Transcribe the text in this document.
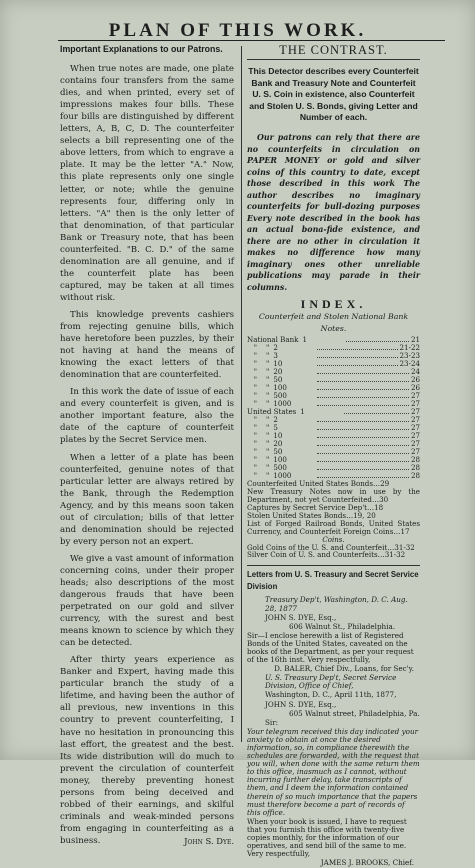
PLAN OF THIS WORK.
Important Explanations to our Patrons.

When true notes are made, one plate contains four transfers from the same dies, and when printed, every set of impressions makes four bills. These four bills are distinguished by different letters, A, B, C, D. The counterfeiter selects a bill representing one of the above letters, from which to engrave a plate. It may be the letter "A." Now, this plate represents only one single letter, or note; while the genuine represents four, differing only in letters. "A" then is the only letter of that denomination, of that particular Bank or Treasury note, that has been counterfeited. "B. C. D." of the same denomination are all genuine, and if the counterfeit plate has been captured, may be taken at all times without risk.

This knowledge prevents cashiers from rejecting genuine bills, which have heretofore been puzzles, by their not having at hand the means of knowing the exact letters of that denomination that are counterfeited.

In this work the date of issue of each and every counterfeit is given, and is another important feature, also the date of the capture of counterfeit plates by the Secret Service men.

When a letter of a plate has been counterfeited, genuine notes of that particular letter are always retired by the Bank, through the Redemption Agency, and by this means soon taken out of circulation; bills of that letter and denomination should be rejected by every person not an expert.

We give a vast amount of information concerning coins, under their proper heads; also descriptions of the most dangerous frauds that have been perpetrated on our gold and silver currency, with the surest and best means known to science by which they can be detected.

After thirty years experience as Banker and Expert, having made this particular branch the study of a lifetime, and having been the author of all previous, new inventions in this country to prevent counterfeiting, I have no hesitation in pronouncing this last effort, the greatest and the best. Its wide distribution will do much to prevent the circulation of counterfeit money, thereby preventing honest persons from being deceived and robbed of their earnings, and skilful criminals and weak-minded persons from engaging in counterfeiting as a business.	John S. Dye.

THE CONTRAST.
This Detector describes every Counterfeit Bank and Treasury Note and Counterfeit U. S. Coin in existence, also Counterfeit and Stolen U. S. Bonds, giving Letter and Number of each.

Our patrons can rely that there are no counterfeits in circulation on PAPER MONEY or gold and silver coins of this country to date, except those described in this work The author describes no imaginary counterfeits for bull-dozing purposes Every note described in the book has an actual bona-fide existence, and there are no other in circulation it makes no difference how many imaginary ones other unreliable publications may parade in their columns.

INDEX.
Counterfeit and Stolen National Bank Notes.
National Bank 1	21
"    " 2	21-22
"    " 3	23-23
"    " 10	23-24
"    " 20	24
"    " 50	26
"    " 100	26
"    " 500	27
"    " 1000	27
United States 1	27
"    " 2	27
"    " 5	27
"    " 10	27
"    " 20	27
"    " 50	27
"    " 100	28
"    " 500	28
"    " 1000	28
Counterfeited United States Bonds…29
New Treasury Notes now in use by the Department, not yet Counterfeited…30
Captures by Secret Service Dep't…18
Stolen United States Bonds…19, 20
List of Forged Railroad Bonds, United States Currency, and Counterfeit Foreign Coins…17
Coins.
Gold Coins of the U. S. and Counterfeit…31-32
Silver Coin of U. S. and Counterfeits…31-32
Letters from U. S. Treasury and Secret Service Division

Treasury Dep't, Washington, D. C. Aug. 28, 1877

JOHN S. DYE, Esq.,

606 Walnut St., Philadelphia.

Sir—I enclose herewith a list of Registered Bonds of the United States, caveated on the books of the Department, as per your request of the 16th inst. Very respectfully,

D. BALER, Chief Div., Loans, for Sec'y.

U. S. Treasury Dep't, Secret Service Division, Office of Chief,

Washington, D. C., April 11th, 1877,

JOHN S. DYE, Esq.,

605 Walnut street, Philadelphia, Pa.

Sir:

Your telegram received this day indicated your anxiety to obtain at once the desired information, so, in compliance therewith the schedules are forwarded, with the request that you will, when done with the same return them to this office, inasmuch as I cannot, without incurring further delay, take transcripts of them, and I deem the information contained therein of so much importance that the papers must therefore become a part of records of this office.

When your book is issued, I have to request that you furnish this office with twenty-five copies monthly, for the information of our operatives, and send bill of the same to me. Very respectfully,

JAMES J. BROOKS, Chief.
